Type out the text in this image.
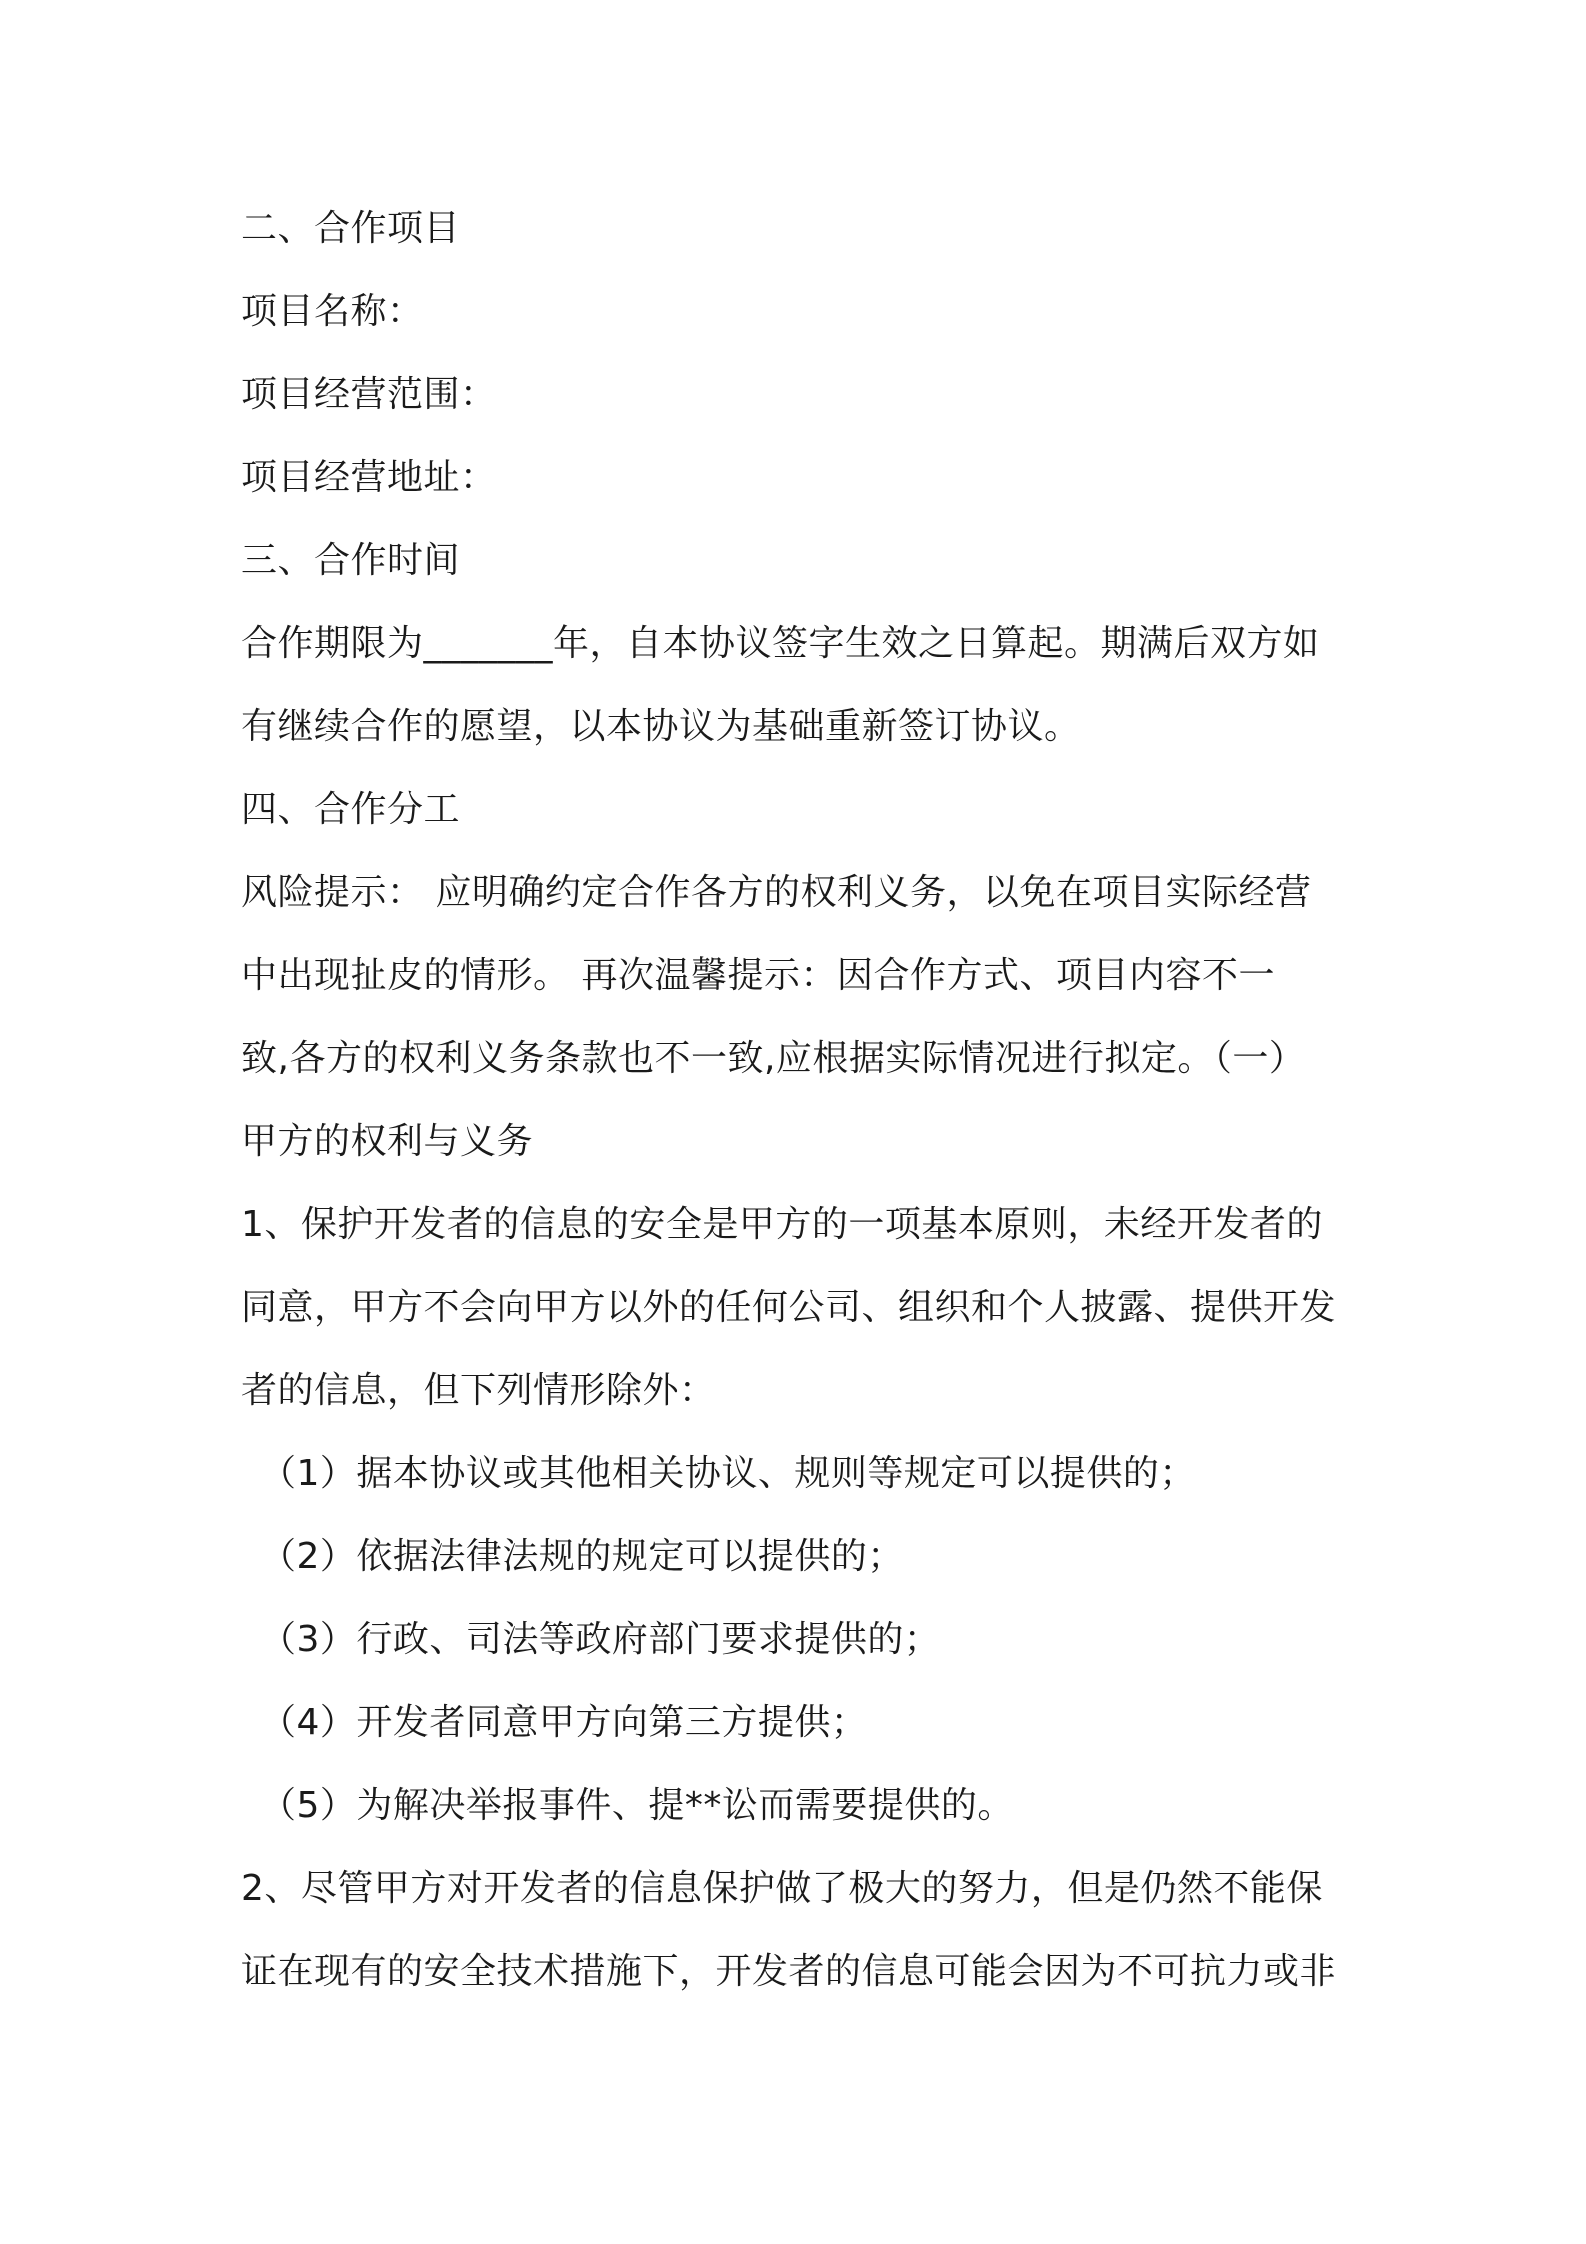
二、合作项目
项目名称：
项目经营范围：
项目经营地址：
三、合作时间
合作期限为_______年，自本协议签字生效之日算起。期满后双方如
有继续合作的愿望，以本协议为基础重新签订协议。
四、合作分工
风险提示： 应明确约定合作各方的权利义务，以免在项目实际经营
中出现扯皮的情形。 再次温馨提示：因合作方式、项目内容不一
致,各方的权利义务条款也不一致,应根据实际情况进行拟定。（一）
甲方的权利与义务
1、保护开发者的信息的安全是甲方的一项基本原则，未经开发者的
同意，甲方不会向甲方以外的任何公司、组织和个人披露、提供开发
者的信息，但下列情形除外：
（1）据本协议或其他相关协议、规则等规定可以提供的；
（2）依据法律法规的规定可以提供的；
（3）行政、司法等政府部门要求提供的；
（4）开发者同意甲方向第三方提供；
（5）为解决举报事件、提**讼而需要提供的。
2、尽管甲方对开发者的信息保护做了极大的努力，但是仍然不能保
证在现有的安全技术措施下，开发者的信息可能会因为不可抗力或非
